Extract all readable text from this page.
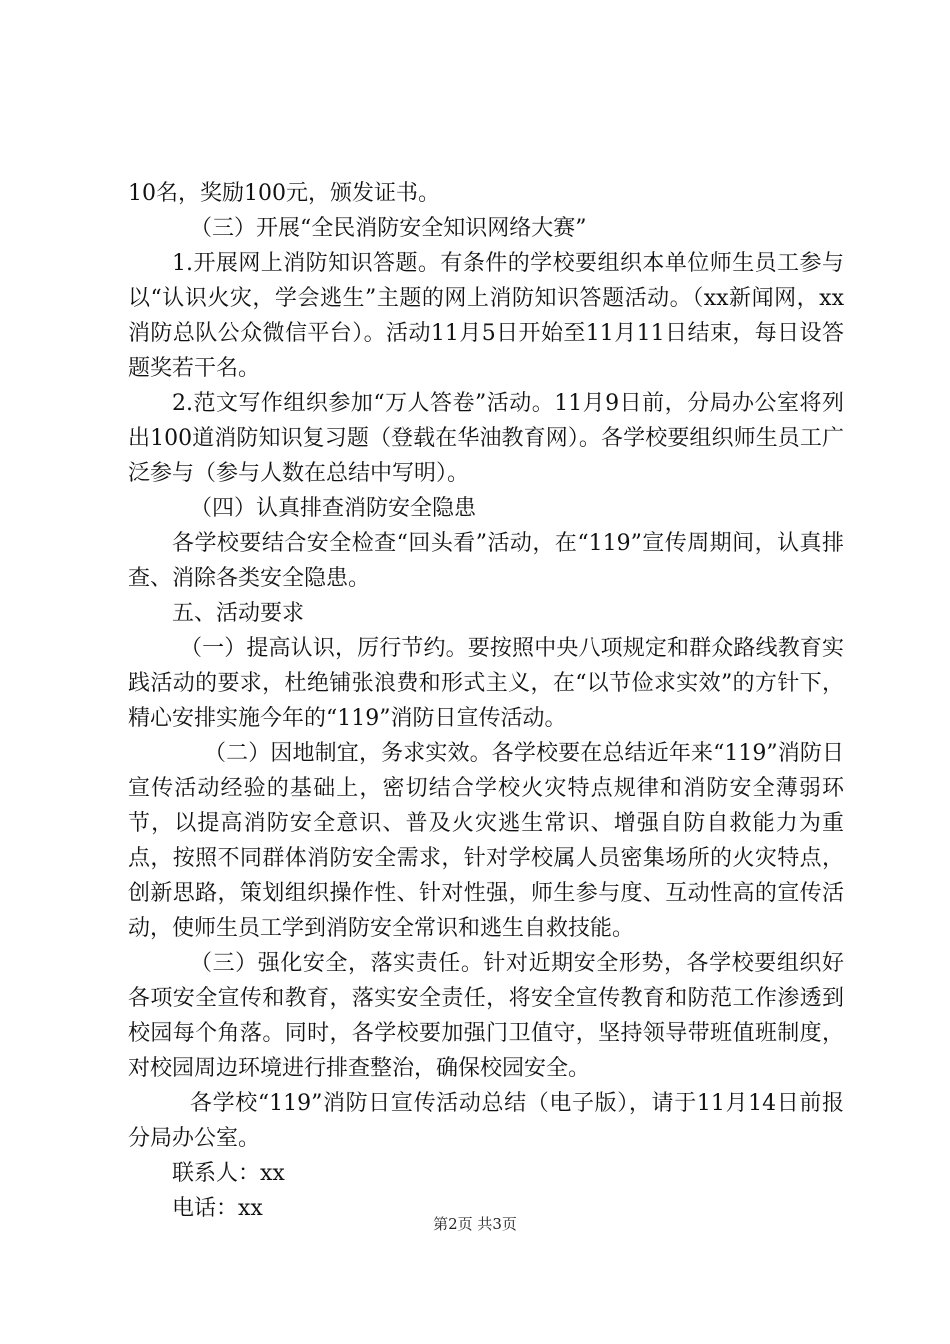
10名，奖励100元，颁发证书。

（三）开展“全民消防安全知识网络大赛”

1.开展网上消防知识答题。有条件的学校要组织本单位师生员工参与以“认识火灾，学会逃生”主题的网上消防知识答题活动。（xx新闻网，xx消防总队公众微信平台）。活动11月5日开始至11月11日结束，每日设答题奖若干名。

2.范文写作组织参加“万人答卷”活动。11月9日前，分局办公室将列出100道消防知识复习题（登载在华油教育网）。各学校要组织师生员工广泛参与（参与人数在总结中写明）。

（四）认真排查消防安全隐患

各学校要结合安全检查“回头看”活动，在“119”宣传周期间，认真排查、消除各类安全隐患。

五、活动要求

（一）提高认识，厉行节约。要按照中央八项规定和群众路线教育实践活动的要求，杜绝铺张浪费和形式主义，在“以节俭求实效”的方针下，精心安排实施今年的“119”消防日宣传活动。

（二）因地制宜，务求实效。各学校要在总结近年来“119”消防日宣传活动经验的基础上，密切结合学校火灾特点规律和消防安全薄弱环节，以提高消防安全意识、普及火灾逃生常识、增强自防自救能力为重点，按照不同群体消防安全需求，针对学校属人员密集场所的火灾特点，创新思路，策划组织操作性、针对性强，师生参与度、互动性高的宣传活动，使师生员工学到消防安全常识和逃生自救技能。

（三）强化安全，落实责任。针对近期安全形势，各学校要组织好各项安全宣传和教育，落实安全责任，将安全宣传教育和防范工作渗透到校园每个角落。同时，各学校要加强门卫值守，坚持领导带班值班制度，对校园周边环境进行排查整治，确保校园安全。

各学校“119”消防日宣传活动总结（电子版），请于11月14日前报分局办公室。

联系人：xx

电话：xx

第2页 共3页
